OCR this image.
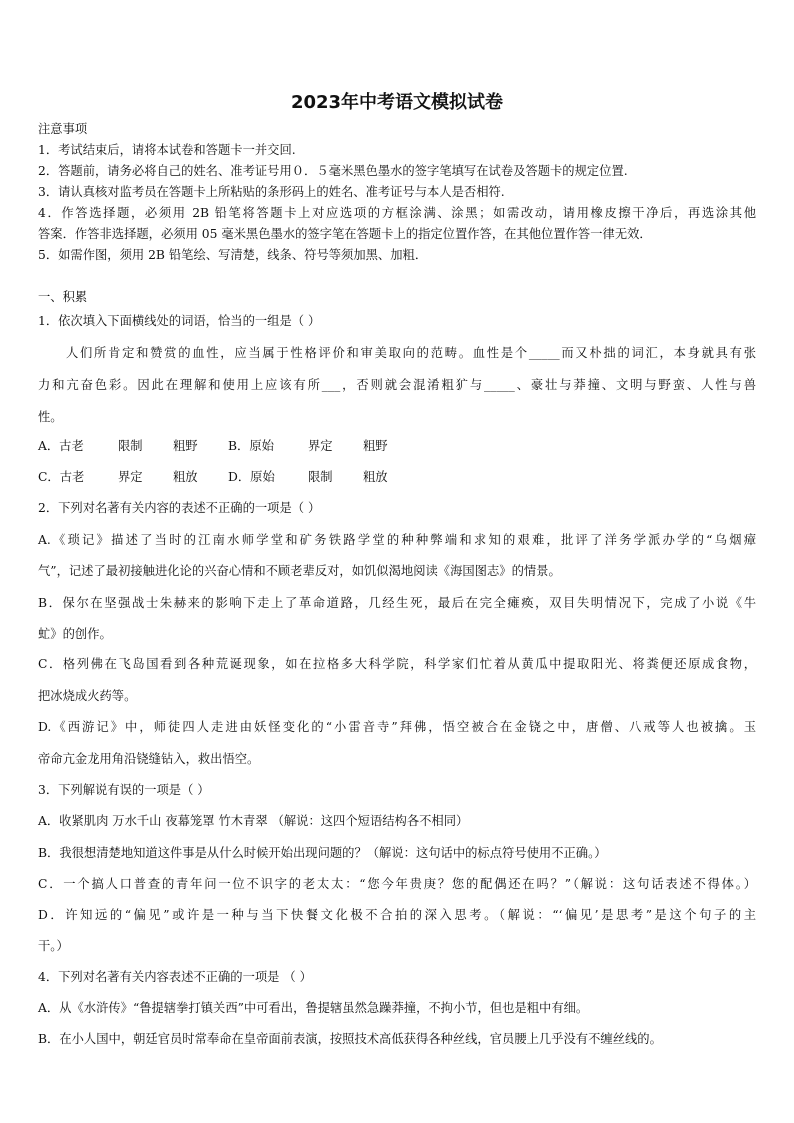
2023年中考语文模拟试卷
注意事项
1．考试结束后，请将本试卷和答题卡一并交回.
2．答题前，请务必将自己的姓名、准考证号用０．５毫米黑色墨水的签字笔填写在试卷及答题卡的规定位置.
3．请认真核对监考员在答题卡上所粘贴的条形码上的姓名、准考证号与本人是否相符.
4．作答选择题，必须用 2B 铅笔将答题卡上对应选项的方框涂满、涂黑；如需改动，请用橡皮擦干净后，再选涂其他
答案．作答非选择题，必须用 05 毫米黑色墨水的签字笔在答题卡上的指定位置作答，在其他位置作答一律无效．
5．如需作图，须用 2B 铅笔绘、写清楚，线条、符号等须加黑、加粗．
一、积累
1．依次填入下面横线处的词语，恰当的一组是（ ）
人们所肯定和赞赏的血性，应当属于性格评价和审美取向的范畴。血性是个_____而又朴拙的词汇，本身就具有张
力和亢奋色彩。因此在理解和使用上应该有所___，否则就会混淆粗犷与_____、豪壮与莽撞、文明与野蛮、人性与兽
性。
A．古老	限制 粗野 B．原始	界定 粗野
C．古老	界定 粗放 D．原始	限制 粗放
2．下列对名著有关内容的表述不正确的一项是（ ）
A.《琐记》描述了当时的江南水师学堂和矿务铁路学堂的种种弊端和求知的艰难，批评了洋务学派办学的“乌烟瘴
气”，记述了最初接触进化论的兴奋心情和不顾老辈反对，如饥似渴地阅读《海国图志》的情景。
B．保尔在坚强战士朱赫来的影响下走上了革命道路，几经生死，最后在完全瘫痪，双目失明情况下，完成了小说《牛
虻》的创作。
C．格列佛在飞岛国看到各种荒诞现象，如在拉格多大科学院，科学家们忙着从黄瓜中提取阳光、将粪便还原成食物，
把冰烧成火药等。
D.《西游记》中，师徒四人走进由妖怪变化的“小雷音寺”拜佛，悟空被合在金铙之中，唐僧、八戒等人也被擒。玉
帝命亢金龙用角沿铙缝钻入，救出悟空。
3．下列解说有误的一项是（ ）
A．收紧肌肉 万水千山 夜幕笼罩 竹木青翠 （解说：这四个短语结构各不相同）
B．我很想清楚地知道这件事是从什么时候开始出现问题的？（解说：这句话中的标点符号使用不正确。）
C．一个搞人口普查的青年问一位不识字的老太太：“您今年贵庚？您的配偶还在吗？”（解说：这句话表述不得体。）
D．许知远的“偏见”或许是一种与当下快餐文化极不合拍的深入思考。（解说：“‘偏见’是思考”是这个句子的主
干。）
4．下列对名著有关内容表述不正确的一项是 （ ）
A．从《水浒传》“鲁提辖拳打镇关西”中可看出，鲁提辖虽然急躁莽撞，不拘小节，但也是粗中有细。
B．在小人国中，朝廷官员时常奉命在皇帝面前表演，按照技术高低获得各种丝线，官员腰上几乎没有不缠丝线的。
